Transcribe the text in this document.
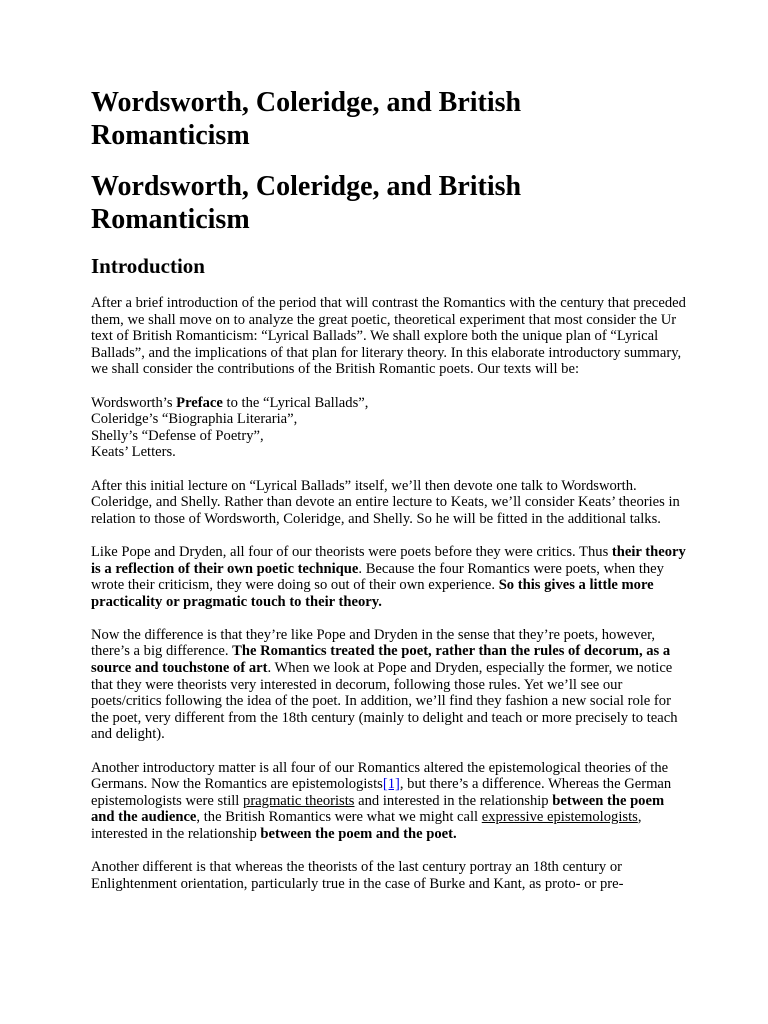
Wordsworth, Coleridge, and British Romanticism
Wordsworth, Coleridge, and British Romanticism
Introduction

After a brief introduction of the period that will contrast the Romantics with the century that preceded them, we shall move on to analyze the great poetic, theoretical experiment that most consider the Ur text of British Romanticism: “Lyrical Ballads”. We shall explore both the unique plan of “Lyrical Ballads”, and the implications of that plan for literary theory. In this elaborate introductory summary, we shall consider the contributions of the British Romantic poets. Our texts will be:

Wordsworth’s Preface to the “Lyrical Ballads”,
Coleridge’s “Biographia Literaria”,
Shelly’s “Defense of Poetry”,
Keats’ Letters.

After this initial lecture on “Lyrical Ballads” itself, we’ll then devote one talk to Wordsworth. Coleridge, and Shelly. Rather than devote an entire lecture to Keats, we’ll consider Keats’ theories in relation to those of Wordsworth, Coleridge, and Shelly. So he will be fitted in the additional talks.

Like Pope and Dryden, all four of our theorists were poets before they were critics. Thus their theory is a reflection of their own poetic technique. Because the four Romantics were poets, when they wrote their criticism, they were doing so out of their own experience. So this gives a little more practicality or pragmatic touch to their theory.

Now the difference is that they’re like Pope and Dryden in the sense that they’re poets, however, there’s a big difference. The Romantics treated the poet, rather than the rules of decorum, as a source and touchstone of art. When we look at Pope and Dryden, especially the former, we notice that they were theorists very interested in decorum, following those rules. Yet we’ll see our poets/critics following the idea of the poet. In addition, we’ll find they fashion a new social role for the poet, very different from the 18th century (mainly to delight and teach or more precisely to teach and delight).

Another introductory matter is all four of our Romantics altered the epistemological theories of the Germans. Now the Romantics are epistemologists[1], but there’s a difference. Whereas the German epistemologists were still pragmatic theorists and interested in the relationship between the poem and the audience, the British Romantics were what we might call expressive epistemologists, interested in the relationship between the poem and the poet.

Another different is that whereas the theorists of the last century portray an 18th century or Enlightenment orientation, particularly true in the case of Burke and Kant, as proto- or pre-
